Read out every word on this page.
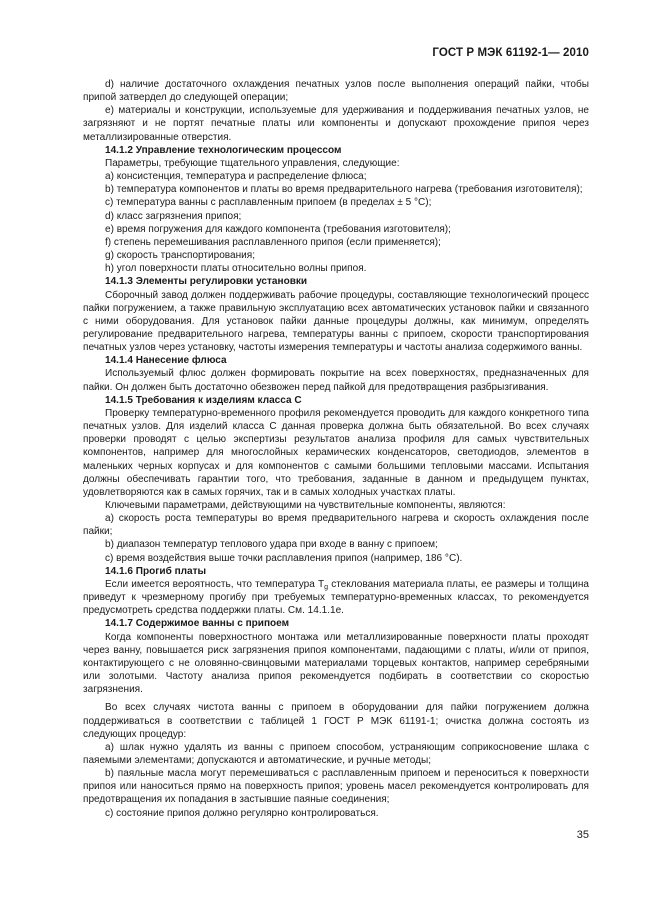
ГОСТ Р МЭК 61192-1— 2010

d) наличие достаточного охлаждения печатных узлов после выполнения операций пайки, чтобы припой затвердел до следующей операции;

e) материалы и конструкции, используемые для удерживания и поддерживания печатных узлов, не загрязняют и не портят печатные платы или компоненты и допускают прохождение припоя через металлизированные отверстия.

14.1.2 Управление технологическим процессом

Параметры, требующие тщательного управления, следующие:

a) консистенция, температура и распределение флюса;

b) температура компонентов и платы во время предварительного нагрева (требования изготовителя);

c) температура ванны с расплавленным припоем (в пределах ± 5 °С);

d) класс загрязнения припоя;

e) время погружения для каждого компонента (требования изготовителя);

f) степень перемешивания расплавленного припоя (если применяется);

g) скорость транспортирования;

h) угол поверхности платы относительно волны припоя.

14.1.3 Элементы регулировки установки

Сборочный завод должен поддерживать рабочие процедуры, составляющие технологический процесс пайки погружением, а также правильную эксплуатацию всех автоматических установок пайки и связанного с ними оборудования. Для установок пайки данные процедуры должны, как минимум, определять регулирование предварительного нагрева, температуры ванны с припоем, скорости транспортирования печатных узлов через установку, частоты измерения температуры и частоты анализа содержимого ванны.

14.1.4 Нанесение флюса

Используемый флюс должен формировать покрытие на всех поверхностях, предназначенных для пайки. Он должен быть достаточно обезвожен перед пайкой для предотвращения разбрызгивания.

14.1.5 Требования к изделиям класса С

Проверку температурно-временного профиля рекомендуется проводить для каждого конкретного типа печатных узлов. Для изделий класса С данная проверка должна быть обязательной. Во всех случаях проверки проводят с целью экспертизы результатов анализа профиля для самых чувствительных компонентов, например для многослойных керамических конденсаторов, светодиодов, элементов в маленьких черных корпусах и для компонентов с самыми большими тепловыми массами. Испытания должны обеспечивать гарантии того, что требования, заданные в данном и предыдущем пунктах, удовлетворяются как в самых горячих, так и в самых холодных участках платы.

Ключевыми параметрами, действующими на чувствительные компоненты, являются:

a) скорость роста температуры во время предварительного нагрева и скорость охлаждения после пайки;

b) диапазон температур теплового удара при входе в ванну с припоем;

c) время воздействия выше точки расплавления припоя (например, 186 °С).

14.1.6 Прогиб платы

Если имеется вероятность, что температура $Т_g$ стеклования материала платы, ее размеры и толщина приведут к чрезмерному прогибу при требуемых температурно-временных классах, то рекомендуется предусмотреть средства поддержки платы. См. 14.1.1е.

14.1.7 Содержимое ванны с припоем

Когда компоненты поверхностного монтажа или металлизированные поверхности платы проходят через ванну, повышается риск загрязнения припоя компонентами, падающими с платы, и/или от припоя, контактирующего с не оловянно-свинцовыми материалами торцевых контактов, например серебряными или золотыми. Частоту анализа припоя рекомендуется подбирать в соответствии со скоростью загрязнения.

Во всех случаях чистота ванны с припоем в оборудовании для пайки погружением должна поддерживаться в соответствии с таблицей 1 ГОСТ Р МЭК 61191-1; очистка должна состоять из следующих процедур:

a) шлак нужно удалять из ванны с припоем способом, устраняющим соприкосновение шлака с паяемыми элементами; допускаются и автоматические, и ручные методы;

b) паяльные масла могут перемешиваться с расплавленным припоем и переноситься к поверхности припоя или наноситься прямо на поверхность припоя; уровень масел рекомендуется контролировать для предотвращения их попадания в застывшие паяные соединения;

c) состояние припоя должно регулярно контролироваться.

35
